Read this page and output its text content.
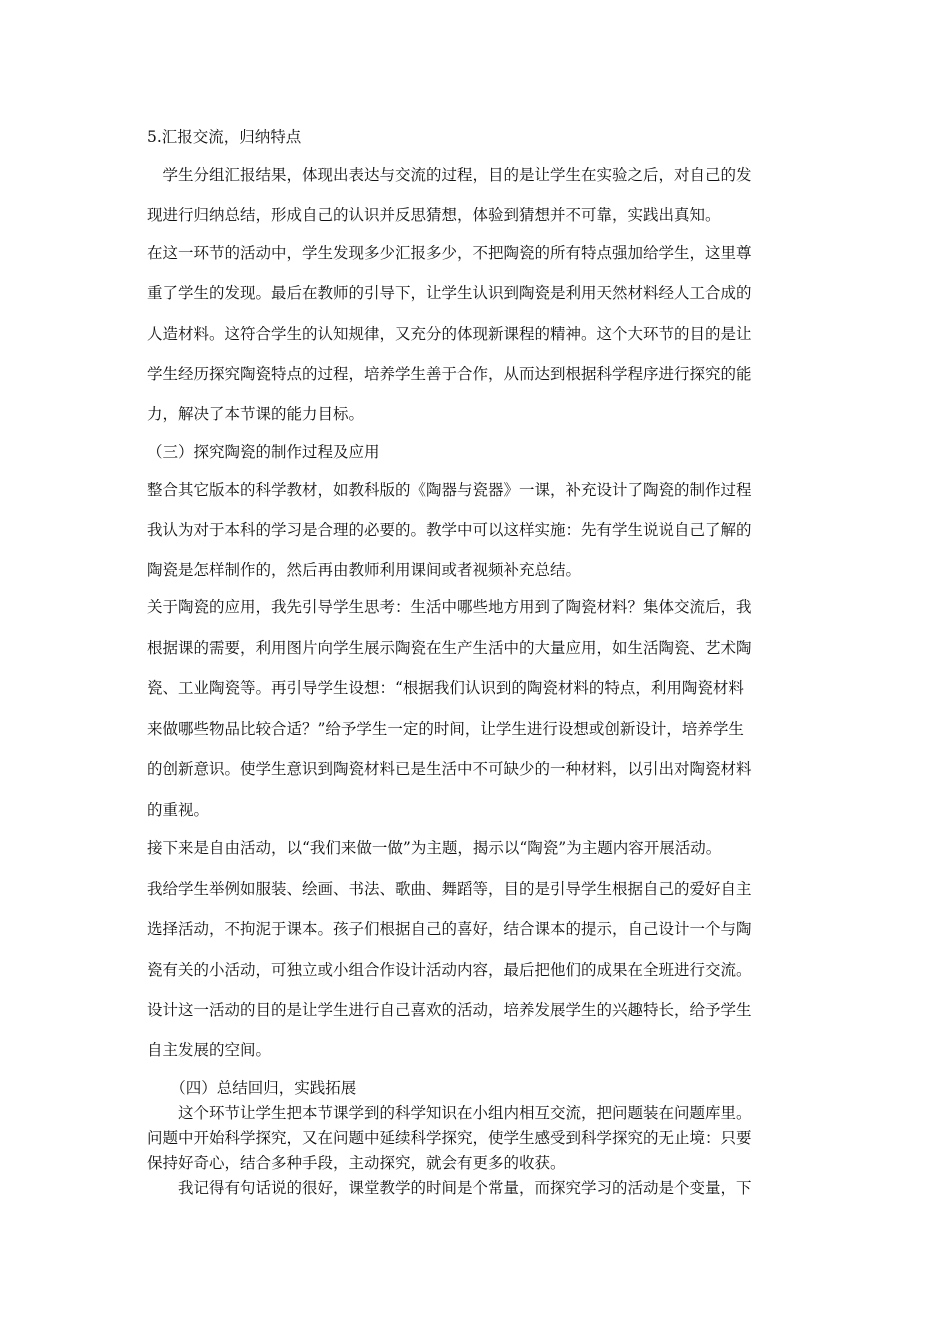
5.汇报交流，归纳特点
　学生分组汇报结果，体现出表达与交流的过程，目的是让学生在实验之后，对自己的发
现进行归纳总结，形成自己的认识并反思猜想，体验到猜想并不可靠，实践出真知。
在这一环节的活动中，学生发现多少汇报多少，不把陶瓷的所有特点强加给学生，这里尊
重了学生的发现。最后在教师的引导下，让学生认识到陶瓷是利用天然材料经人工合成的
人造材料。这符合学生的认知规律，又充分的体现新课程的精神。这个大环节的目的是让
学生经历探究陶瓷特点的过程，培养学生善于合作，从而达到根据科学程序进行探究的能
力，解决了本节课的能力目标。
（三）探究陶瓷的制作过程及应用
整合其它版本的科学教材，如教科版的《陶器与瓷器》一课，补充设计了陶瓷的制作过程
我认为对于本科的学习是合理的必要的。教学中可以这样实施：先有学生说说自己了解的
陶瓷是怎样制作的，然后再由教师利用课间或者视频补充总结。
关于陶瓷的应用，我先引导学生思考：生活中哪些地方用到了陶瓷材料？集体交流后，我
根据课的需要，利用图片向学生展示陶瓷在生产生活中的大量应用，如生活陶瓷、艺术陶
瓷、工业陶瓷等。再引导学生设想：“根据我们认识到的陶瓷材料的特点，利用陶瓷材料
来做哪些物品比较合适？”给予学生一定的时间，让学生进行设想或创新设计，培养学生
的创新意识。使学生意识到陶瓷材料已是生活中不可缺少的一种材料，以引出对陶瓷材料
的重视。
接下来是自由活动，以“我们来做一做”为主题，揭示以“陶瓷”为主题内容开展活动。
我给学生举例如服装、绘画、书法、歌曲、舞蹈等，目的是引导学生根据自己的爱好自主
选择活动，不拘泥于课本。孩子们根据自己的喜好，结合课本的提示，自己设计一个与陶
瓷有关的小活动，可独立或小组合作设计活动内容，最后把他们的成果在全班进行交流。
设计这一活动的目的是让学生进行自己喜欢的活动，培养发展学生的兴趣特长，给予学生
自主发展的空间。
　　（四）总结回归，实践拓展
　　这个环节让学生把本节课学到的科学知识在小组内相互交流，把问题装在问题库里。
问题中开始科学探究，又在问题中延续科学探究，使学生感受到科学探究的无止境：只要
保持好奇心，结合多种手段，主动探究，就会有更多的收获。
　　我记得有句话说的很好，课堂教学的时间是个常量，而探究学习的活动是个变量，下
